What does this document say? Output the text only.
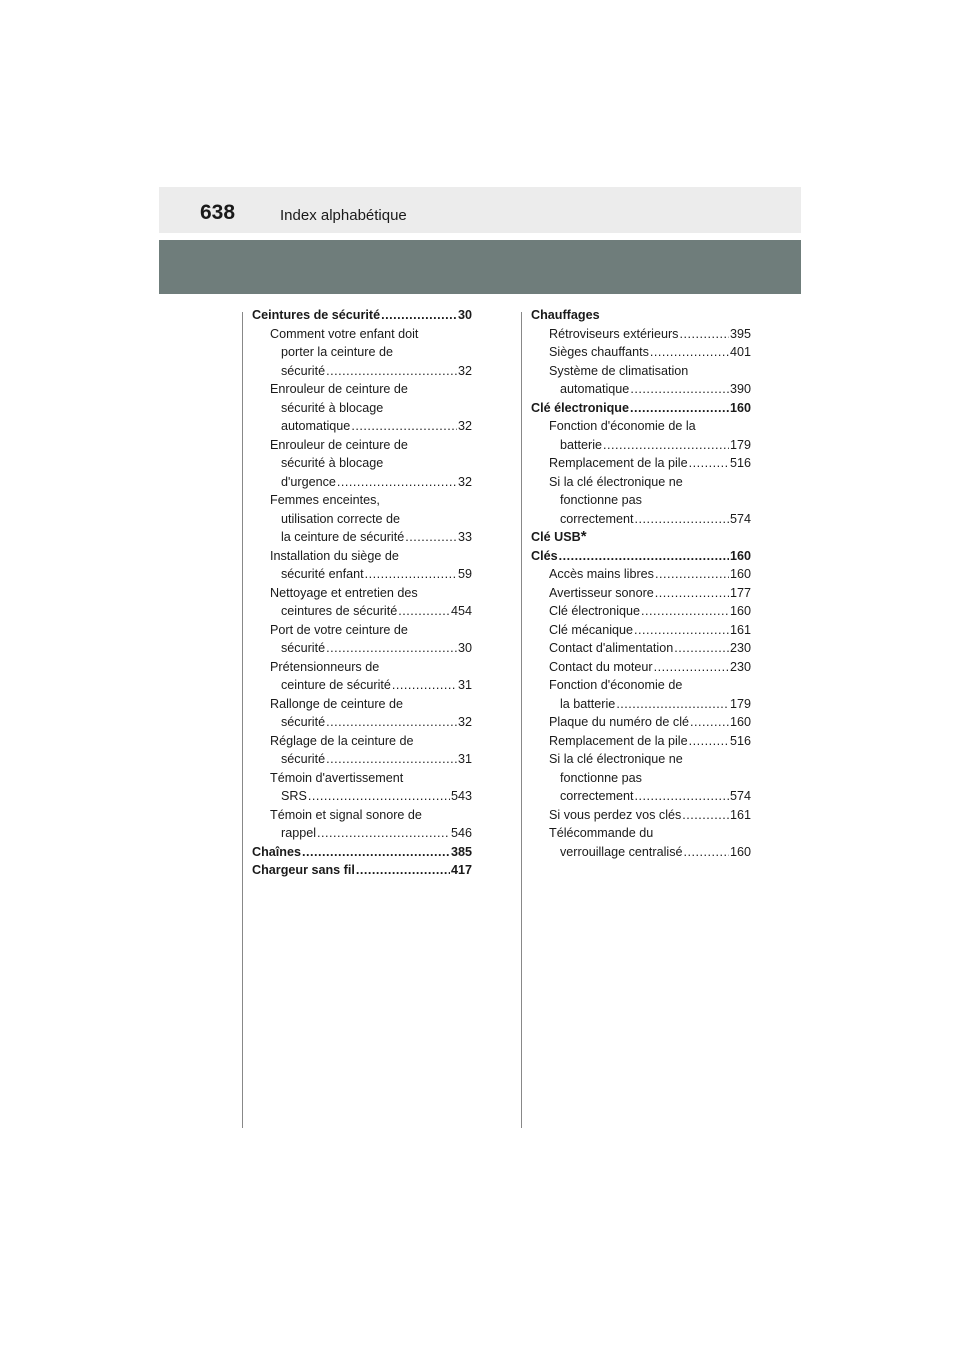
638	Index alphabétique
Ceintures de sécurité .....	30
Comment votre enfant doit
porter la ceinture de
sécurité .....	32
Enrouleur de ceinture de
sécurité à blocage
automatique .....	32
Enrouleur de ceinture de
sécurité à blocage
d'urgence .....	32
Femmes enceintes,
utilisation correcte de
la ceinture de sécurité .....	33
Installation du siège de
sécurité enfant .....	59
Nettoyage et entretien des
ceintures de sécurité .....	454
Port de votre ceinture de
sécurité .....	30
Prétensionneurs de
ceinture de sécurité .....	31
Rallonge de ceinture de
sécurité .....	32
Réglage de la ceinture de
sécurité .....	31
Témoin d'avertissement
SRS .....	543
Témoin et signal sonore de
rappel .....	546
Chaînes .....	385
Chargeur sans fil .....	417
Chauffages
Rétroviseurs extérieurs .....	395
Sièges chauffants .....	401
Système de climatisation
automatique .....	390
Clé électronique .....	160
Fonction d'économie de la
batterie .....	179
Remplacement de la pile .....	516
Si la clé électronique ne
fonctionne pas
correctement .....	574
Clé USB *
Clés .....	160
Accès mains libres .....	160
Avertisseur sonore .....	177
Clé électronique .....	160
Clé mécanique .....	161
Contact d'alimentation .....	230
Contact du moteur .....	230
Fonction d'économie de
la batterie .....	179
Plaque du numéro de clé .....	160
Remplacement de la pile .....	516
Si la clé électronique ne
fonctionne pas
correctement .....	574
Si vous perdez vos clés .....	161
Télécommande du
verrouillage centralisé .....	160
